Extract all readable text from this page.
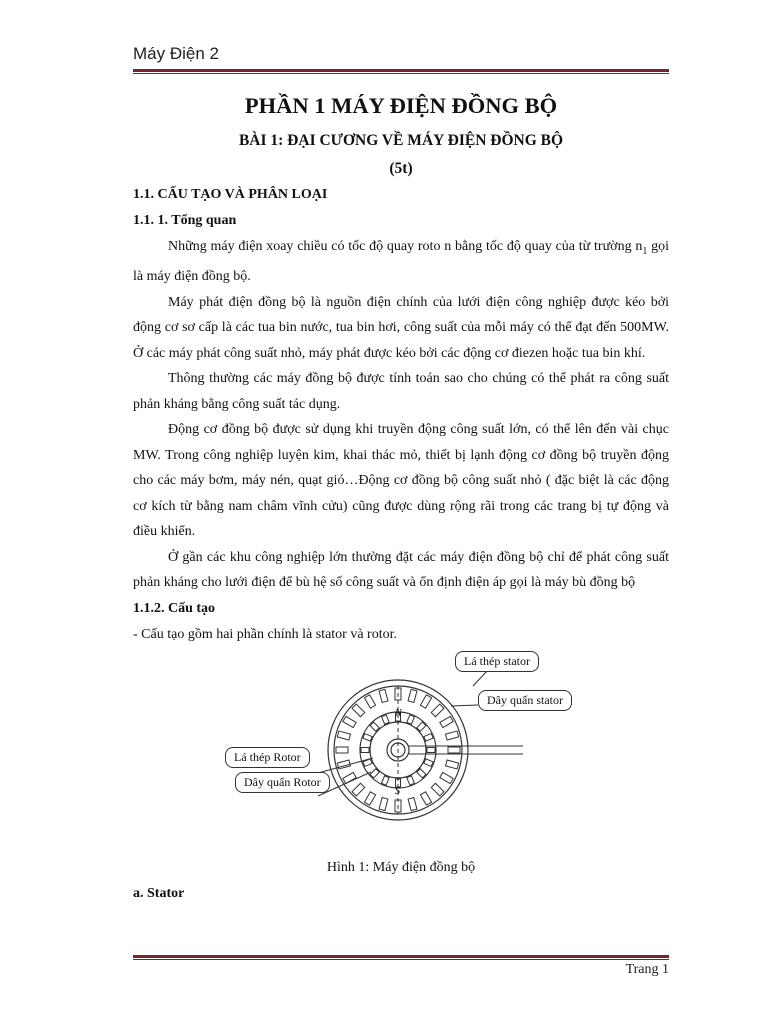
Máy Điện 2
PHẦN 1 MÁY ĐIỆN ĐỒNG BỘ
BÀI 1: ĐẠI CƯƠNG VỀ MÁY ĐIỆN ĐỒNG BỘ
(5t)
1.1. CẤU TẠO VÀ PHÂN LOẠI
1.1. 1. Tổng quan

Những máy điện xoay chiều có tốc độ quay roto n bằng tốc độ quay của từ trường $n_1$ gọi là máy điện đồng bộ.

Máy phát điện đồng bộ là nguồn điện chính của lưới điện công nghiệp được kéo bởi động cơ sơ cấp là các tua bin nước, tua bin hơi, công suất của mỗi máy có thể đạt đến 500MW. Ở các máy phát công suất nhỏ, máy phát được kéo bởi các động cơ điezen hoặc tua bin khí.

Thông thường các máy đồng bộ được tính toán sao cho chúng có thể phát ra công suất phản kháng bằng công suất tác dụng.

Động cơ đồng bộ được sử dụng khi truyền động công suất lớn, có thể lên đến vài chục MW. Trong công nghiệp luyện kim, khai thác mỏ, thiết bị lạnh động cơ đồng bộ truyền động cho các máy bơm, máy nén, quạt gió…Động cơ đồng bộ công suất nhỏ ( đặc biệt là các động cơ kích từ bằng nam châm vĩnh cửu) cũng được dùng rộng rãi trong các trang bị tự động và điều khiển.

Ở gần các khu công nghiệp lớn thường đặt các máy điện đồng bộ chỉ để phát công suất phản kháng cho lưới điện để bù hệ số công suất và ổn định điện áp gọi là máy bù đồng bộ

1.1.2. Cấu tạo

- Cấu tạo gồm hai phần chính là stator và rotor.

N
S
Lá thép stator
Dây quấn stator
Lá thép Rotor
Dây quấn Rotor
Hình 1: Máy điện đồng bộ
a. Stator
Trang 1
